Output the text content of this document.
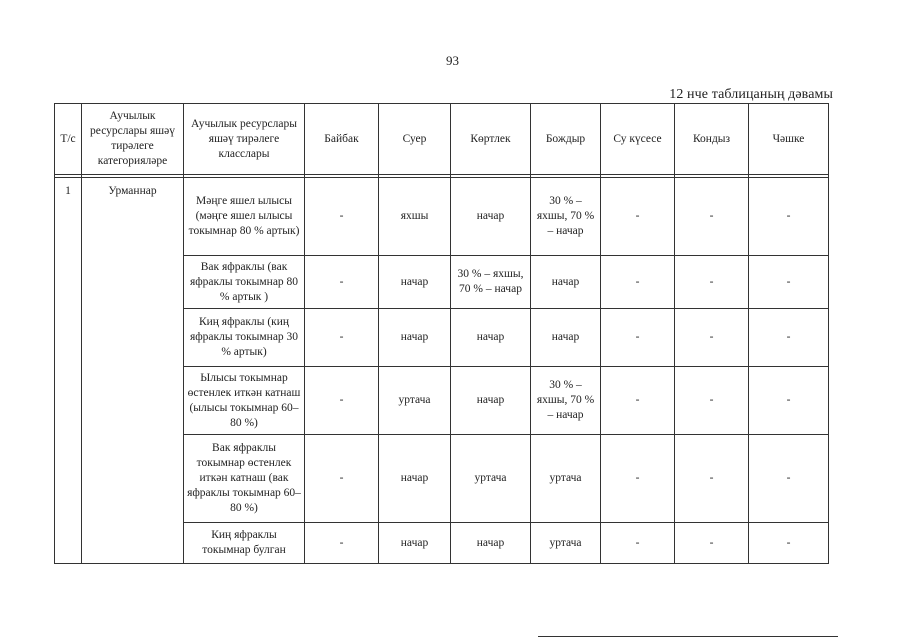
93
12 нче таблицаның дәвамы
Т/с	Аучылык ресурслары яшәү тирәлеге категорияләре	Аучылык ресурслары яшәү тирәлеге класслары	Байбак	Суер	Көртлек	Бождыр	Су күсесе	Кондыз	Чәшке

1	Урманнар	Мәңге яшел ылысы (мәңге яшел ылысы токымнар 80 % артык)	-	яхшы	начар	30 % – яхшы, 70 % – начар	-	-	-
		Вак яфраклы (вак яфраклы токымнар 80 % артык )	-	начар	30 % – яхшы, 70 % – начар	начар	-	-	-
		Киң яфраклы (киң яфраклы токымнар 30 % артык)	-	начар	начар	начар	-	-	-
		Ылысы токымнар өстенлек иткән катнаш (ылысы токымнар 60–80 %)	-	уртача	начар	30 % – яхшы, 70 % – начар	-	-	-
		Вак яфраклы токымнар өстенлек иткән катнаш (вак яфраклы токымнар 60–80 %)	-	начар	уртача	уртача	-	-	-
		Киң яфраклы токымнар булган	-	начар	начар	уртача	-	-	-
